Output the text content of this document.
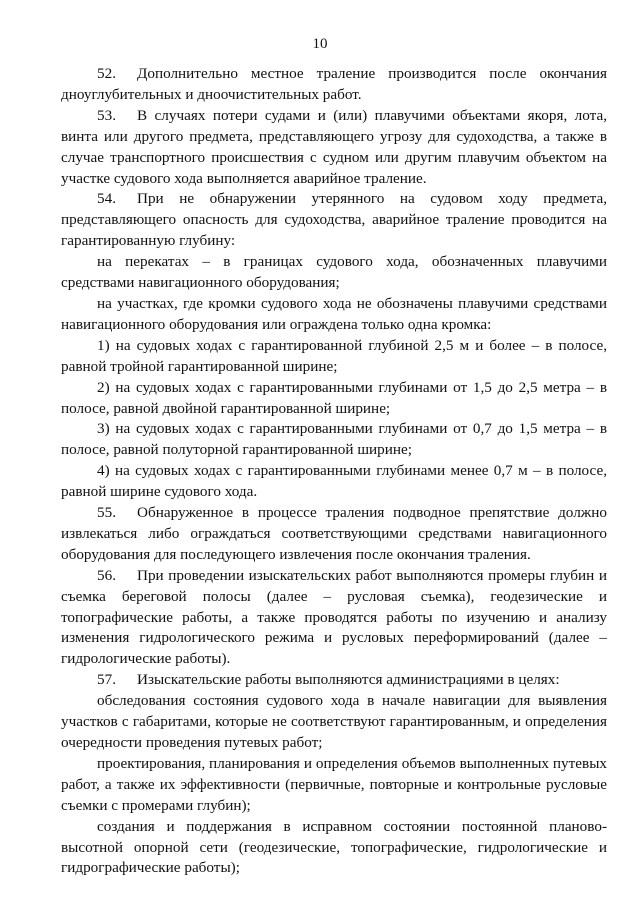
10

52. Дополнительно местное траление производится после окончания дноуглубительных и дноочистительных работ.

53. В случаях потери судами и (или) плавучими объектами якоря, лота, винта или другого предмета, представляющего угрозу для судоходства, а также в случае транспортного происшествия с судном или другим плавучим объектом на участке судового хода выполняется аварийное траление.

54. При не обнаружении утерянного на судовом ходу предмета, представляющего опасность для судоходства, аварийное траление проводится на гарантированную глубину:

на перекатах – в границах судового хода, обозначенных плавучими средствами навигационного оборудования;

на участках, где кромки судового хода не обозначены плавучими средствами навигационного оборудования или ограждена только одна кромка:

1) на судовых ходах с гарантированной глубиной 2,5 м и более – в полосе, равной тройной гарантированной ширине;

2) на судовых ходах с гарантированными глубинами от 1,5 до 2,5 метра – в полосе, равной двойной гарантированной ширине;

3) на судовых ходах с гарантированными глубинами от 0,7 до 1,5 метра – в полосе, равной полуторной гарантированной ширине;

4) на судовых ходах с гарантированными глубинами менее 0,7 м – в полосе, равной ширине судового хода.

55. Обнаруженное в процессе траления подводное препятствие должно извлекаться либо ограждаться соответствующими средствами навигационного оборудования для последующего извлечения после окончания траления.

56. При проведении изыскательских работ выполняются промеры глубин и съемка береговой полосы (далее – русловая съемка), геодезические и топографические работы, а также проводятся работы по изучению и анализу изменения гидрологического режима и русловых переформирований (далее – гидрологические работы).

57. Изыскательские работы выполняются администрациями в целях:

обследования состояния судового хода в начале навигации для выявления участков с габаритами, которые не соответствуют гарантированным, и определения очередности проведения путевых работ;

проектирования, планирования и определения объемов выполненных путевых работ, а также их эффективности (первичные, повторные и контрольные русловые съемки с промерами глубин);

создания и поддержания в исправном состоянии постоянной планово-высотной опорной сети (геодезические, топографические, гидрологические и гидрографические работы);
